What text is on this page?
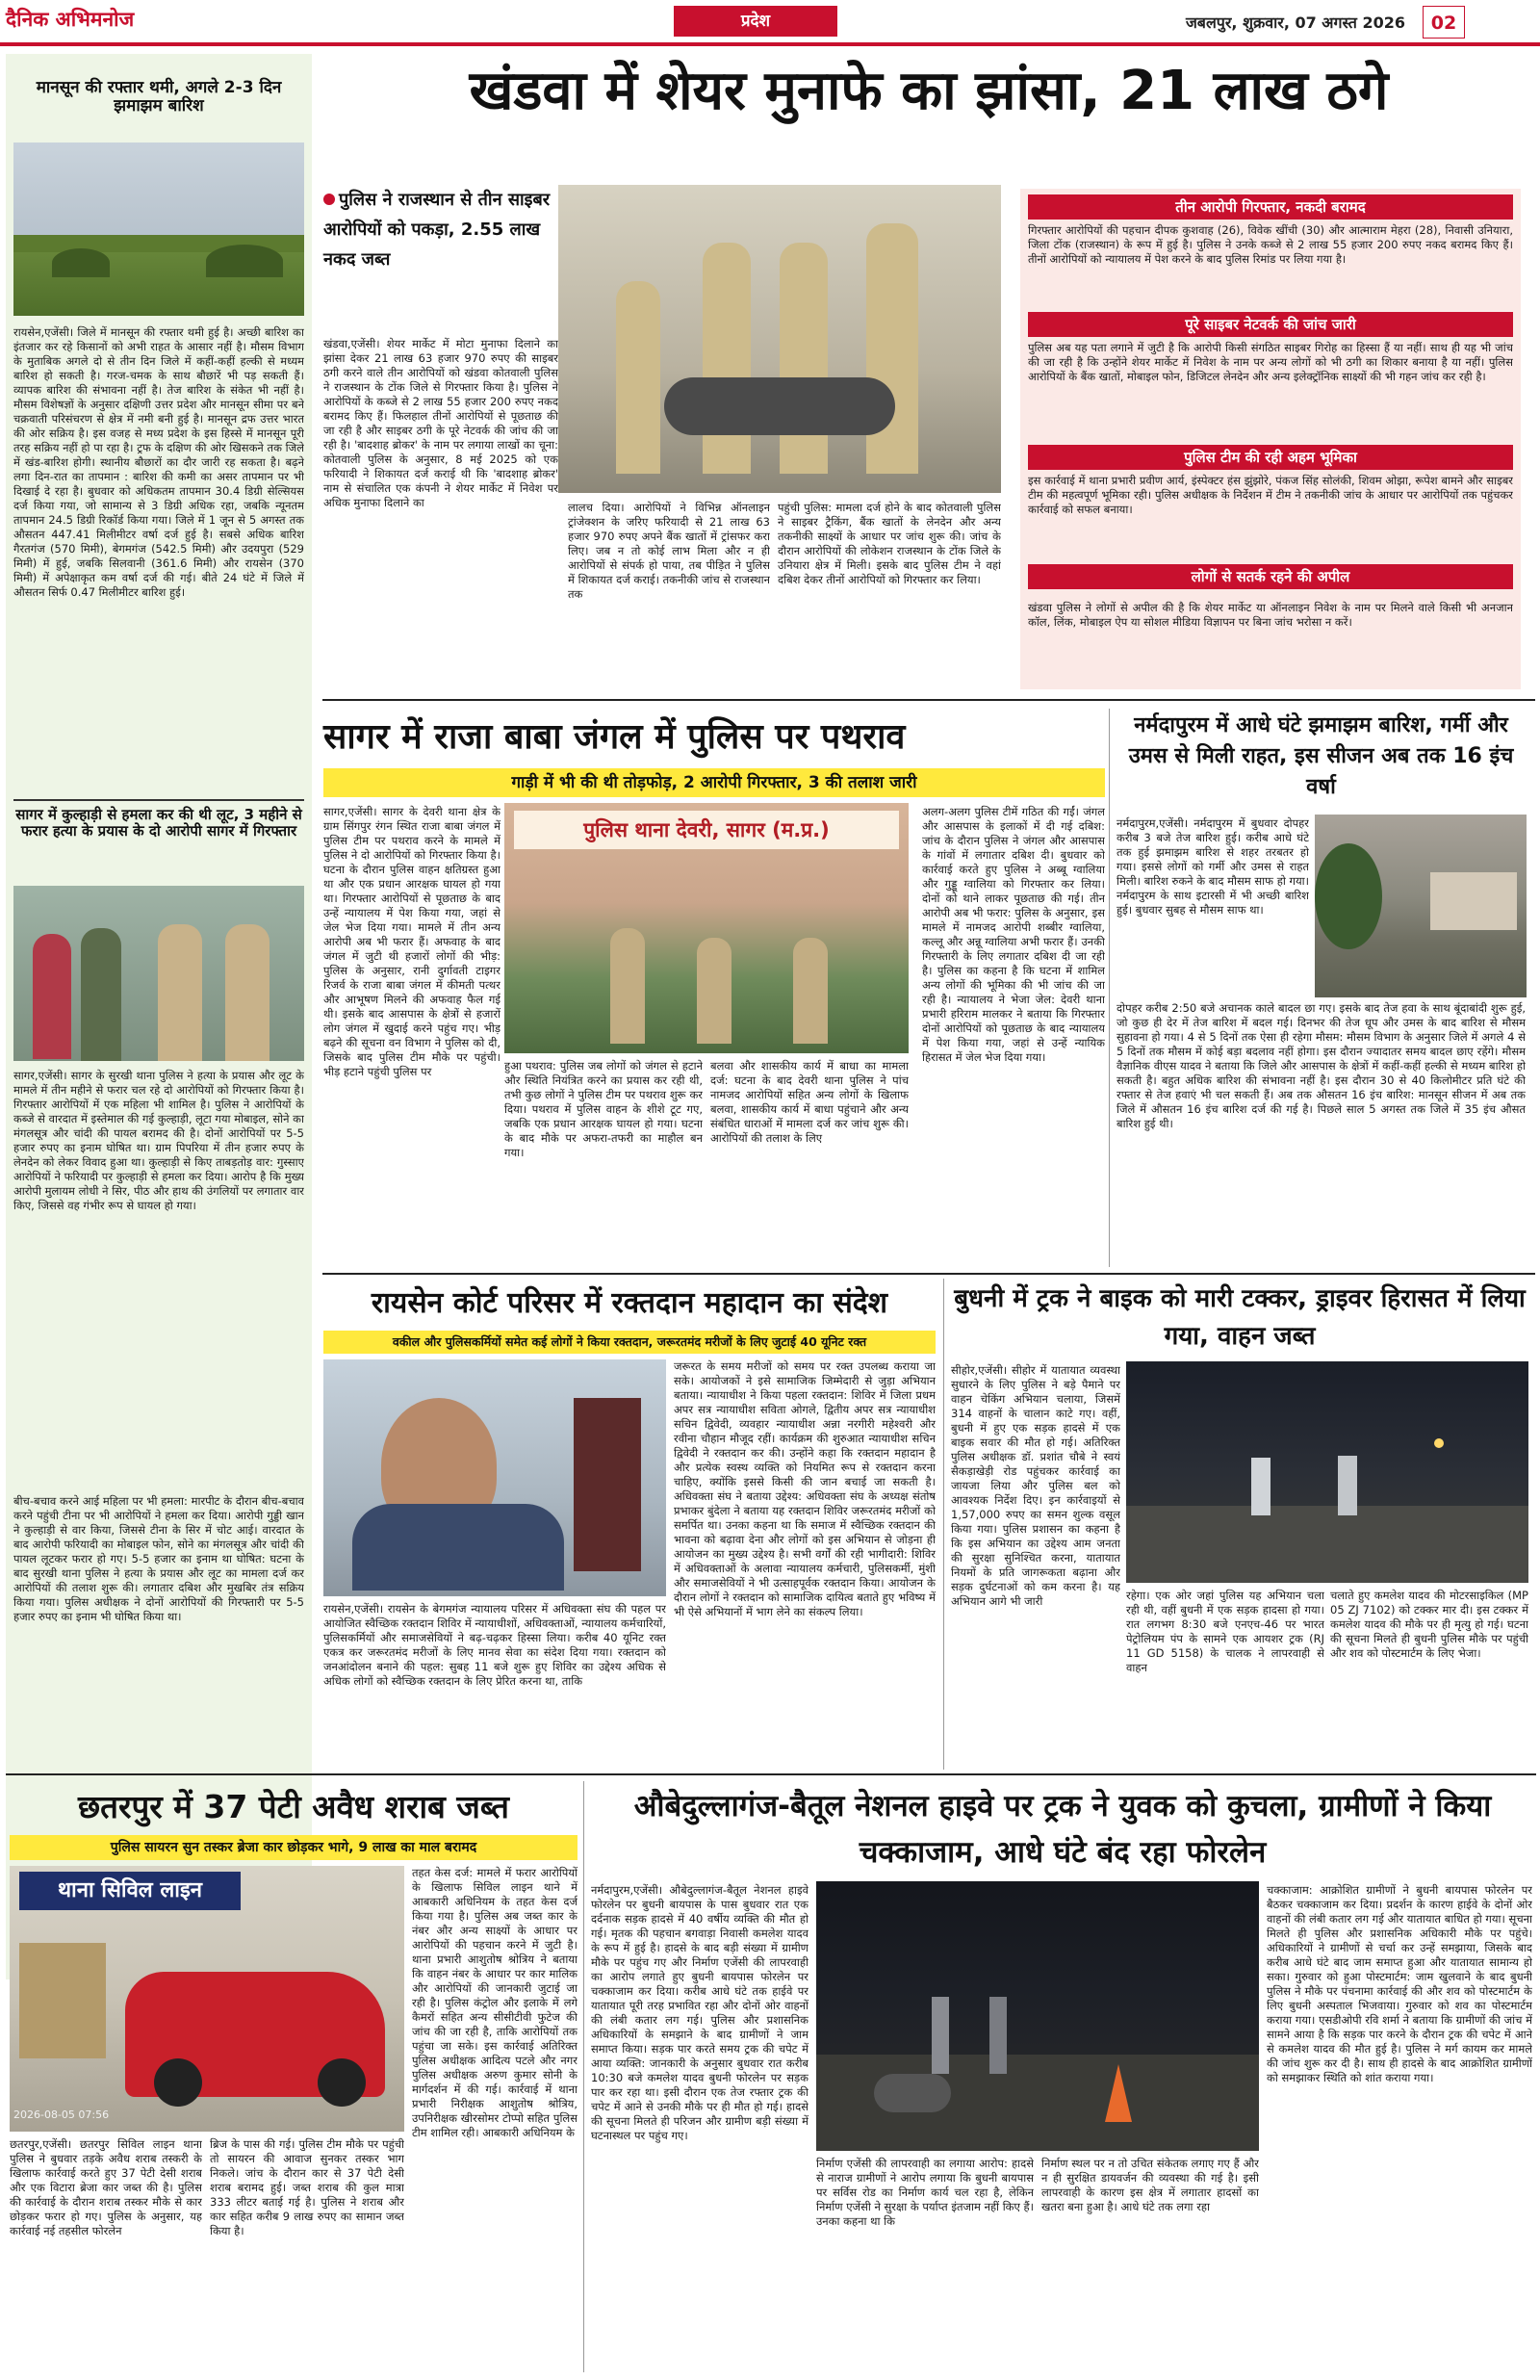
दैनिक अभिमनोज	प्रदेश	जबलपुर, शुक्रवार, 07 अगस्त 2026	02
मानसून की रफ्तार थमी, अगले 2-3 दिन झमाझम बारिश
रायसेन,एजेंसी। जिले में मानसून की रफ्तार थमी हुई है। अच्छी बारिश का इंतजार कर रहे किसानों को अभी राहत के आसार नहीं है। मौसम विभाग के मुताबिक अगले दो से तीन दिन जिले में कहीं-कहीं हल्की से मध्यम बारिश हो सकती है। गरज-चमक के साथ बौछारें भी पड़ सकती हैं। व्यापक बारिश की संभावना नहीं है। तेज बारिश के संकेत भी नहीं है। मौसम विशेषज्ञों के अनुसार दक्षिणी उत्तर प्रदेश और मानसून सीमा पर बने चक्रवाती परिसंचरण से क्षेत्र में नमी बनी हुई है। मानसून द्रफ उत्तर भारत की ओर सक्रिय है। इस वजह से मध्य प्रदेश के इस हिस्से में मानसून पूरी तरह सक्रिय नहीं हो पा रहा है। ट्रफ के दक्षिण की ओर खिसकने तक जिले में खंड-बारिश होगी। स्थानीय बौछारों का दौर जारी रह सकता है। बढ़ने लगा दिन-रात का तापमान : बारिश की कमी का असर तापमान पर भी दिखाई दे रहा है। बुधवार को अधिकतम तापमान 30.4 डिग्री सेल्सियस दर्ज किया गया, जो सामान्य से 3 डिग्री अधिक रहा, जबकि न्यूनतम तापमान 24.5 डिग्री रिकॉर्ड किया गया। जिले में 1 जून से 5 अगस्त तक औसतन 447.41 मिलीमीटर वर्षा दर्ज हुई है। सबसे अधिक बारिश गैरतगंज (570 मिमी), बेगमगंज (542.5 मिमी) और उदयपुरा (529 मिमी) में हुई, जबकि सिलवानी (361.6 मिमी) और रायसेन (370 मिमी) में अपेक्षाकृत कम वर्षा दर्ज की गई। बीते 24 घंटे में जिले में औसतन सिर्फ 0.47 मिलीमीटर बारिश हुई।
सागर में कुल्हाड़ी से हमला कर की थी लूट, 3 महीने से फरार हत्या के प्रयास के दो आरोपी सागर में गिरफ्तार
सागर,एजेंसी। सागर के सुरखी थाना पुलिस ने हत्या के प्रयास और लूट के मामले में तीन महीने से फरार चल रहे दो आरोपियों को गिरफ्तार किया है। गिरफ्तार आरोपियों में एक महिला भी शामिल है। पुलिस ने आरोपियों के कब्जे से वारदात में इस्तेमाल की गई कुल्हाड़ी, लूटा गया मोबाइल, सोने का मंगलसूत्र और चांदी की पायल बरामद की है। दोनों आरोपियों पर 5-5 हजार रुपए का इनाम घोषित था। ग्राम पिपरिया में तीन हजार रुपए के लेनदेन को लेकर विवाद हुआ था। कुल्हाड़ी से किए ताबड़तोड़ वार: गुस्साए आरोपियों ने फरियादी पर कुल्हाड़ी से हमला कर दिया। आरोप है कि मुख्य आरोपी मुलायम लोधी ने सिर, पीठ और हाथ की उंगलियों पर लगातार वार किए, जिससे वह गंभीर रूप से घायल हो गया।
बीच-बचाव करने आई महिला पर भी हमला: मारपीट के दौरान बीच-बचाव करने पहुंची टीना पर भी आरोपियों ने हमला कर दिया। आरोपी गुड्डी खान ने कुल्हाड़ी से वार किया, जिससे टीना के सिर में चोट आई। वारदात के बाद आरोपी फरियादी का मोबाइल फोन, सोने का मंगलसूत्र और चांदी की पायल लूटकर फरार हो गए। 5-5 हजार का इनाम था घोषित: घटना के बाद सुरखी थाना पुलिस ने हत्या के प्रयास और लूट का मामला दर्ज कर आरोपियों की तलाश शुरू की। लगातार दबिश और मुखबिर तंत्र सक्रिय किया गया। पुलिस अधीक्षक ने दोनों आरोपियों की गिरफ्तारी पर 5-5 हजार रुपए का इनाम भी घोषित किया था।
खंडवा में शेयर मुनाफे का झांसा, 21 लाख ठगे
पुलिस ने राजस्थान से तीन साइबर आरोपियों को पकड़ा, 2.55 लाख नकद जब्त
खंडवा,एजेंसी। शेयर मार्केट में मोटा मुनाफा दिलाने का झांसा देकर 21 लाख 63 हजार 970 रुपए की साइबर ठगी करने वाले तीन आरोपियों को खंडवा कोतवाली पुलिस ने राजस्थान के टोंक जिले से गिरफ्तार किया है। पुलिस ने आरोपियों के कब्जे से 2 लाख 55 हजार 200 रुपए नकद बरामद किए हैं। फिलहाल तीनों आरोपियों से पूछताछ की जा रही है और साइबर ठगी के पूरे नेटवर्क की जांच की जा रही है। 'बादशाह ब्रोकर' के नाम पर लगाया लाखों का चूना: कोतवाली पुलिस के अनुसार, 8 मई 2025 को एक फरियादी ने शिकायत दर्ज कराई थी कि 'बादशाह ब्रोकर' नाम से संचालित एक कंपनी ने शेयर मार्केट में निवेश पर अधिक मुनाफा दिलाने का	लालच दिया। आरोपियों ने विभिन्न ऑनलाइन ट्रांजेक्शन के जरिए फरियादी से 21 लाख 63 हजार 970 रुपए अपने बैंक खातों में ट्रांसफर करा लिए। जब न तो कोई लाभ मिला और न ही आरोपियों से संपर्क हो पाया, तब पीड़ित ने पुलिस में शिकायत दर्ज कराई। तकनीकी जांच से राजस्थान तक
पहुंची पुलिस: मामला दर्ज होने के बाद कोतवाली पुलिस ने साइबर ट्रैकिंग, बैंक खातों के लेनदेन और अन्य तकनीकी साक्ष्यों के आधार पर जांच शुरू की। जांच के दौरान आरोपियों की लोकेशन राजस्थान के टोंक जिले के उनियारा क्षेत्र में मिली। इसके बाद पुलिस टीम ने वहां दबिश देकर तीनों आरोपियों को गिरफ्तार कर लिया।
तीन आरोपी गिरफ्तार, नकदी बरामद
गिरफ्तार आरोपियों की पहचान दीपक कुशवाह (26), विवेक खींची (30) और आत्माराम मेहरा (28), निवासी उनियारा, जिला टोंक (राजस्थान) के रूप में हुई है। पुलिस ने उनके कब्जे से 2 लाख 55 हजार 200 रुपए नकद बरामद किए हैं। तीनों आरोपियों को न्यायालय में पेश करने के बाद पुलिस रिमांड पर लिया गया है।
पूरे साइबर नेटवर्क की जांच जारी
पुलिस अब यह पता लगाने में जुटी है कि आरोपी किसी संगठित साइबर गिरोह का हिस्सा हैं या नहीं। साथ ही यह भी जांच की जा रही है कि उन्होंने शेयर मार्केट में निवेश के नाम पर अन्य लोगों को भी ठगी का शिकार बनाया है या नहीं। पुलिस आरोपियों के बैंक खातों, मोबाइल फोन, डिजिटल लेनदेन और अन्य इलेक्ट्रॉनिक साक्ष्यों की भी गहन जांच कर रही है।
पुलिस टीम की रही अहम भूमिका
इस कार्रवाई में थाना प्रभारी प्रवीण आर्य, इंस्पेक्टर हंस झुंझोरे, पंकज सिंह सोलंकी, शिवम ओझा, रूपेश बामने और साइबर टीम की महत्वपूर्ण भूमिका रही। पुलिस अधीक्षक के निर्देशन में टीम ने तकनीकी जांच के आधार पर आरोपियों तक पहुंचकर कार्रवाई को सफल बनाया।
लोगों से सतर्क रहने की अपील
खंडवा पुलिस ने लोगों से अपील की है कि शेयर मार्केट या ऑनलाइन निवेश के नाम पर मिलने वाले किसी भी अनजान कॉल, लिंक, मोबाइल ऐप या सोशल मीडिया विज्ञापन पर बिना जांच भरोसा न करें।
सागर में राजा बाबा जंगल में पुलिस पर पथराव
गाड़ी में भी की थी तोड़फोड़, 2 आरोपी गिरफ्तार, 3 की तलाश जारी
सागर,एजेंसी। सागर के देवरी थाना क्षेत्र के ग्राम सिंगपुर रंगन स्थित राजा बाबा जंगल में पुलिस टीम पर पथराव करने के मामले में पुलिस ने दो आरोपियों को गिरफ्तार किया है। घटना के दौरान पुलिस वाहन क्षतिग्रस्त हुआ था और एक प्रधान आरक्षक घायल हो गया था। गिरफ्तार आरोपियों से पूछताछ के बाद उन्हें न्यायालय में पेश किया गया, जहां से जेल भेज दिया गया। मामले में तीन अन्य आरोपी अब भी फरार हैं। अफवाह के बाद जंगल में जुटी थी हजारों लोगों की भीड़: पुलिस के अनुसार, रानी दुर्गावती टाइगर रिजर्व के राजा बाबा जंगल में कीमती पत्थर और आभूषण मिलने की अफवाह फैल गई थी। इसके बाद आसपास के क्षेत्रों से हजारों लोग जंगल में खुदाई करने पहुंच गए। भीड़ बढ़ने की सूचना वन विभाग ने पुलिस को दी, जिसके बाद पुलिस टीम मौके पर पहुंची। भीड़ हटाने पहुंची पुलिस पर
पुलिस थाना देवरी, सागर (म.प्र.)
हुआ पथराव: पुलिस जब लोगों को जंगल से हटाने और स्थिति नियंत्रित करने का प्रयास कर रही थी, तभी कुछ लोगों ने पुलिस टीम पर पथराव शुरू कर दिया। पथराव में पुलिस वाहन के शीशे टूट गए, जबकि एक प्रधान आरक्षक घायल हो गया। घटना के बाद मौके पर अफरा-तफरी का माहौल बन गया।
बलवा और शासकीय कार्य में बाधा का मामला दर्ज: घटना के बाद देवरी थाना पुलिस ने पांच नामजद आरोपियों सहित अन्य लोगों के खिलाफ बलवा, शासकीय कार्य में बाधा पहुंचाने और अन्य संबंधित धाराओं में मामला दर्ज कर जांच शुरू की। आरोपियों की तलाश के लिए
अलग-अलग पुलिस टीमें गठित की गईं। जंगल और आसपास के इलाकों में दी गई दबिश: जांच के दौरान पुलिस ने जंगल और आसपास के गांवों में लगातार दबिश दी। बुधवार को कार्रवाई करते हुए पुलिस ने अब्बू ग्वालिया और गुड्डू ग्वालिया को गिरफ्तार कर लिया। दोनों को थाने लाकर पूछताछ की गई। तीन आरोपी अब भी फरार: पुलिस के अनुसार, इस मामले में नामजद आरोपी शब्बीर ग्वालिया, कल्लू और अन्नू ग्वालिया अभी फरार हैं। उनकी गिरफ्तारी के लिए लगातार दबिश दी जा रही है। पुलिस का कहना है कि घटना में शामिल अन्य लोगों की भूमिका की भी जांच की जा रही है। न्यायालय ने भेजा जेल: देवरी थाना प्रभारी हरिराम मालकर ने बताया कि गिरफ्तार दोनों आरोपियों को पूछताछ के बाद न्यायालय में पेश किया गया, जहां से उन्हें न्यायिक हिरासत में जेल भेज दिया गया।
नर्मदापुरम में आधे घंटे झमाझम बारिश, गर्मी और उमस से मिली राहत, इस सीजन अब तक 16 इंच वर्षा
नर्मदापुरम,एजेंसी। नर्मदापुरम में बुधवार दोपहर करीब 3 बजे तेज बारिश हुई। करीब आधे घंटे तक हुई झमाझम बारिश से शहर तरबतर हो गया। इससे लोगों को गर्मी और उमस से राहत मिली। बारिश रुकने के बाद मौसम साफ हो गया। नर्मदापुरम के साथ इटारसी में भी अच्छी बारिश हुई। बुधवार सुबह से मौसम साफ था।
दोपहर करीब 2:50 बजे अचानक काले बादल छा गए। इसके बाद तेज हवा के साथ बूंदाबांदी शुरू हुई, जो कुछ ही देर में तेज बारिश में बदल गई। दिनभर की तेज धूप और उमस के बाद बारिश से मौसम सुहावना हो गया। 4 से 5 दिनों तक ऐसा ही रहेगा मौसम: मौसम विभाग के अनुसार जिले में अगले 4 से 5 दिनों तक मौसम में कोई बड़ा बदलाव नहीं होगा। इस दौरान ज्यादातर समय बादल छाए रहेंगे। मौसम वैज्ञानिक वीएस यादव ने बताया कि जिले और आसपास के क्षेत्रों में कहीं-कहीं हल्की से मध्यम बारिश हो सकती है। बहुत अधिक बारिश की संभावना नहीं है। इस दौरान 30 से 40 किलोमीटर प्रति घंटे की रफ्तार से तेज हवाएं भी चल सकती हैं। अब तक औसतन 16 इंच बारिश: मानसून सीजन में अब तक जिले में औसतन 16 इंच बारिश दर्ज की गई है। पिछले साल 5 अगस्त तक जिले में 35 इंच औसत बारिश हुई थी।
रायसेन कोर्ट परिसर में रक्तदान महादान का संदेश
वकील और पुलिसकर्मियों समेत कई लोगों ने किया रक्तदान, जरूरतमंद मरीजों के लिए जुटाई 40 यूनिट रक्त
रायसेन,एजेंसी। रायसेन के बेगमगंज न्यायालय परिसर में अधिवक्ता संघ की पहल पर आयोजित स्वैच्छिक रक्तदान शिविर में न्यायाधीशों, अधिवक्ताओं, न्यायालय कर्मचारियों, पुलिसकर्मियों और समाजसेवियों ने बढ़-चढ़कर हिस्सा लिया। करीब 40 यूनिट रक्त एकत्र कर जरूरतमंद मरीजों के लिए मानव सेवा का संदेश दिया गया। रक्तदान को जनआंदोलन बनाने की पहल: सुबह 11 बजे शुरू हुए शिविर का उद्देश्य अधिक से अधिक लोगों को स्वैच्छिक रक्तदान के लिए प्रेरित करना था, ताकि
जरूरत के समय मरीजों को समय पर रक्त उपलब्ध कराया जा सके। आयोजकों ने इसे सामाजिक जिम्मेदारी से जुड़ा अभियान बताया। न्यायाधीश ने किया पहला रक्तदान: शिविर में जिला प्रधम अपर सत्र न्यायाधीश सविता ओगले, द्वितीय अपर सत्र न्यायाधीश सचिन द्विवेदी, व्यवहार न्यायाधीश अन्ना नरगीरी महेश्वरी और रवीना चौहान मौजूद रहीं। कार्यक्रम की शुरुआत न्यायाधीश सचिन द्विवेदी ने रक्तदान कर की। उन्होंने कहा कि रक्तदान महादान है और प्रत्येक स्वस्थ व्यक्ति को नियमित रूप से रक्तदान करना चाहिए, क्योंकि इससे किसी की जान बचाई जा सकती है। अधिवक्ता संघ ने बताया उद्देश्य: अधिवक्ता संघ के अध्यक्ष संतोष प्रभाकर बुंदेला ने बताया यह रक्तदान शिविर जरूरतमंद मरीजों को समर्पित था। उनका कहना था कि समाज में स्वैच्छिक रक्तदान की भावना को बढ़ावा देना और लोगों को इस अभियान से जोड़ना ही आयोजन का मुख्य उद्देश्य है। सभी वर्गों की रही भागीदारी: शिविर में अधिवक्ताओं के अलावा न्यायालय कर्मचारी, पुलिसकर्मी, मुंशी और समाजसेवियों ने भी उत्साहपूर्वक रक्तदान किया। आयोजन के दौरान लोगों ने रक्तदान को सामाजिक दायित्व बताते हुए भविष्य में भी ऐसे अभियानों में भाग लेने का संकल्प लिया।
बुधनी में ट्रक ने बाइक को मारी टक्कर, ड्राइवर हिरासत में लिया गया, वाहन जब्त
सीहोर,एजेंसी। सीहोर में यातायात व्यवस्था सुधारने के लिए पुलिस ने बड़े पैमाने पर वाहन चेकिंग अभियान चलाया, जिसमें 314 वाहनों के चालान काटे गए। वहीं, बुधनी में हुए एक सड़क हादसे में एक बाइक सवार की मौत हो गई। अतिरिक्त पुलिस अधीक्षक डॉ. प्रशांत चौबे ने स्वयं सैकड़ाखेड़ी रोड पहुंचकर कार्रवाई का जायजा लिया और पुलिस बल को आवश्यक निर्देश दिए। इन कार्रवाइयों से 1,57,000 रुपए का समन शुल्क वसूल किया गया। पुलिस प्रशासन का कहना है कि इस अभियान का उद्देश्य आम जनता की सुरक्षा सुनिश्चित करना, यातायात नियमों के प्रति जागरूकता बढ़ाना और सड़क दुर्घटनाओं को कम करना है। यह अभियान आगे भी जारी	रहेगा। एक ओर जहां पुलिस यह अभियान चला रही थी, वहीं बुधनी में एक सड़क हादसा हो गया। रात लगभग 8:30 बजे एनएच-46 पर भारत पेट्रोलियम पंप के सामने एक आयशर ट्रक (RJ 11 GD 5158) के चालक ने लापरवाही से वाहन
चलाते हुए कमलेश यादव की मोटरसाइकिल (MP 05 ZJ 7102) को टक्कर मार दी। इस टक्कर में कमलेश यादव की मौके पर ही मृत्यु हो गई। घटना की सूचना मिलते ही बुधनी पुलिस मौके पर पहुंची और शव को पोस्टमार्टम के लिए भेजा।
छतरपुर में 37 पेटी अवैध शराब जब्त
पुलिस सायरन सुन तस्कर ब्रेजा कार छोड़कर भागे, 9 लाख का माल बरामद
थाना सिविल लाइन
2026-08-05 07:56
छतरपुर,एजेंसी। छतरपुर सिविल लाइन थाना पुलिस ने बुधवार तड़के अवैध शराब तस्करी के खिलाफ कार्रवाई करते हुए 37 पेटी देसी शराब और एक विटारा ब्रेजा कार जब्त की है। पुलिस की कार्रवाई के दौरान शराब तस्कर मौके से कार छोड़कर फरार हो गए। पुलिस के अनुसार, यह कार्रवाई नई तहसील फोरलेन
ब्रिज के पास की गई। पुलिस टीम मौके पर पहुंची तो सायरन की आवाज सुनकर तस्कर भाग निकले। जांच के दौरान कार से 37 पेटी देसी शराब बरामद हुई। जब्त शराब की कुल मात्रा 333 लीटर बताई गई है। पुलिस ने शराब और कार सहित करीब 9 लाख रुपए का सामान जब्त किया है।
तहत केस दर्ज: मामले में फरार आरोपियों के खिलाफ सिविल लाइन थाने में आबकारी अधिनियम के तहत केस दर्ज किया गया है। पुलिस अब जब्त कार के नंबर और अन्य साक्ष्यों के आधार पर आरोपियों की पहचान करने में जुटी है। थाना प्रभारी आशुतोष श्रोत्रिय ने बताया कि वाहन नंबर के आधार पर कार मालिक और आरोपियों की जानकारी जुटाई जा रही है। पुलिस कंट्रोल और इलाके में लगे कैमरों सहित अन्य सीसीटीवी फुटेज की जांच की जा रही है, ताकि आरोपियों तक पहुंचा जा सके। इस कार्रवाई अतिरिक्त पुलिस अधीक्षक आदित्य पटले और नगर पुलिस अधीक्षक अरुण कुमार सोनी के मार्गदर्शन में की गई। कार्रवाई में थाना प्रभारी निरीक्षक आशुतोष श्रोत्रिय, उपनिरीक्षक खीरसोमर टोप्पो सहित पुलिस टीम शामिल रही। आबकारी अधिनियम के
औबेदुल्लागंज-बैतूल नेशनल हाइवे पर ट्रक ने युवक को कुचला, ग्रामीणों ने किया चक्काजाम, आधे घंटे बंद रहा फोरलेन
नर्मदापुरम,एजेंसी। औबेदुल्लागंज-बैतूल नेशनल हाइवे फोरलेन पर बुधनी बायपास के पास बुधवार रात एक दर्दनाक सड़क हादसे में 40 वर्षीय व्यक्ति की मौत हो गई। मृतक की पहचान बगवाड़ा निवासी कमलेश यादव के रूप में हुई है। हादसे के बाद बड़ी संख्या में ग्रामीण मौके पर पहुंच गए और निर्माण एजेंसी की लापरवाही का आरोप लगाते हुए बुधनी बायपास फोरलेन पर चक्काजाम कर दिया। करीब आधे घंटे तक हाईवे पर यातायात पूरी तरह प्रभावित रहा और दोनों ओर वाहनों की लंबी कतार लग गई। पुलिस और प्रशासनिक अधिकारियों के समझाने के बाद ग्रामीणों ने जाम समाप्त किया। सड़क पार करते समय ट्रक की चपेट में आया व्यक्ति: जानकारी के अनुसार बुधवार रात करीब 10:30 बजे कमलेश यादव बुधनी फोरलेन पर सड़क पार कर रहा था। इसी दौरान एक तेज रफ्तार ट्रक की चपेट में आने से उनकी मौके पर ही मौत हो गई। हादसे की सूचना मिलते ही परिजन और ग्रामीण बड़ी संख्या में घटनास्थल पर पहुंच गए।
निर्माण एजेंसी की लापरवाही का लगाया आरोप: हादसे से नाराज ग्रामीणों ने आरोप लगाया कि बुधनी बायपास पर सर्विस रोड का निर्माण कार्य चल रहा है, लेकिन निर्माण एजेंसी ने सुरक्षा के पर्याप्त इंतजाम नहीं किए हैं। उनका कहना था कि
निर्माण स्थल पर न तो उचित संकेतक लगाए गए हैं और न ही सुरक्षित डायवर्जन की व्यवस्था की गई है। इसी लापरवाही के कारण इस क्षेत्र में लगातार हादसों का खतरा बना हुआ है। आधे घंटे तक लगा रहा
चक्काजाम: आक्रोशित ग्रामीणों ने बुधनी बायपास फोरलेन पर बैठकर चक्काजाम कर दिया। प्रदर्शन के कारण हाईवे के दोनों ओर वाहनों की लंबी कतार लग गई और यातायात बाधित हो गया। सूचना मिलते ही पुलिस और प्रशासनिक अधिकारी मौके पर पहुंचे। अधिकारियों ने ग्रामीणों से चर्चा कर उन्हें समझाया, जिसके बाद करीब आधे घंटे बाद जाम समाप्त हुआ और यातायात सामान्य हो सका। गुरुवार को हुआ पोस्टमार्टम: जाम खुलवाने के बाद बुधनी पुलिस ने मौके पर पंचनामा कार्रवाई की और शव को पोस्टमार्टम के लिए बुधनी अस्पताल भिजवाया। गुरुवार को शव का पोस्टमार्टम कराया गया। एसडीओपी रवि शर्मा ने बताया कि ग्रामीणों की जांच में सामने आया है कि सड़क पार करने के दौरान ट्रक की चपेट में आने से कमलेश यादव की मौत हुई है। पुलिस ने मर्ग कायम कर मामले की जांच शुरू कर दी है। साथ ही हादसे के बाद आक्रोशित ग्रामीणों को समझाकर स्थिति को शांत कराया गया।
